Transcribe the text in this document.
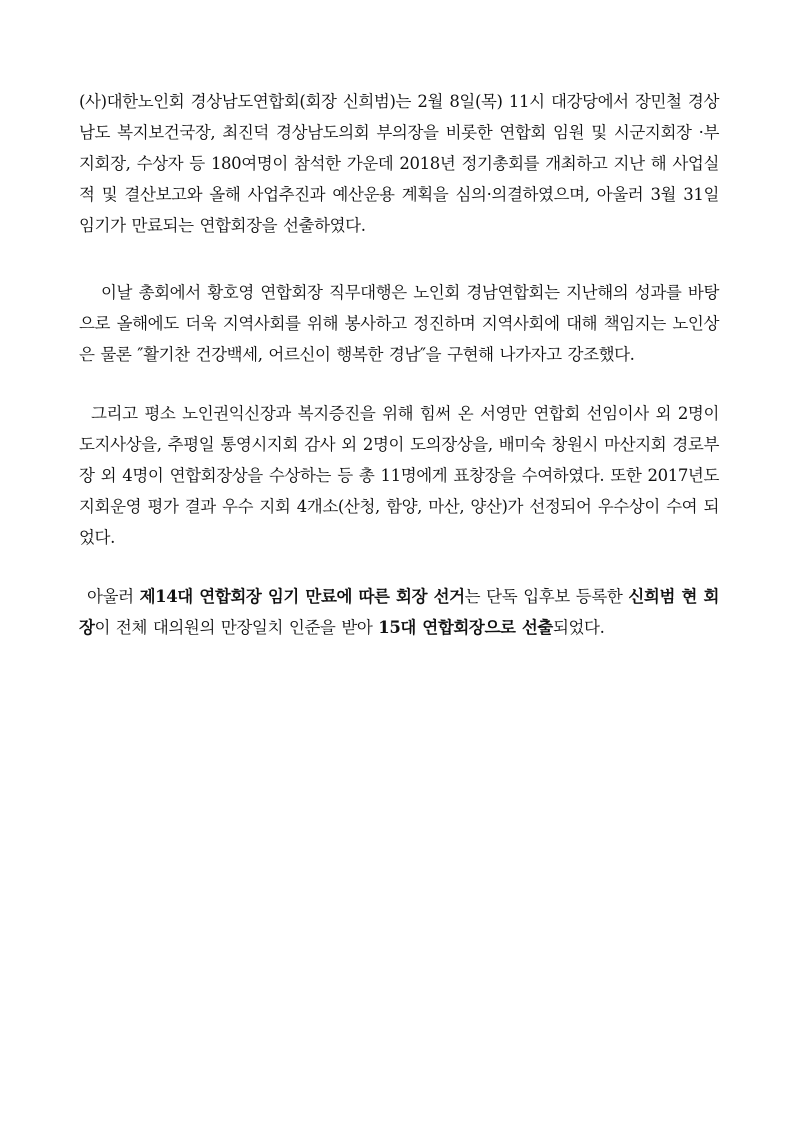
(사)대한노인회 경상남도연합회(회장 신희범)는 2월 8일(목) 11시 대강당에서 장민철 경상남도 복지보건국장, 최진덕 경상남도의회 부의장을 비롯한 연합회 임원 및 시군지회장 ·부지회장, 수상자 등 180여명이 참석한 가운데 2018년 정기총회를 개최하고 지난 해 사업실적 및 결산보고와 올해 사업추진과 예산운용 계획을 심의·의결하였으며, 아울러 3월 31일 임기가 만료되는 연합회장을 선출하였다.

이날 총회에서 황호영 연합회장 직무대행은 노인회 경남연합회는 지난해의 성과를 바탕으로 올해에도 더욱 지역사회를 위해 봉사하고 정진하며 지역사회에 대해 책임지는 노인상은 물론 ″활기찬 건강백세, 어르신이 행복한 경남″을 구현해 나가자고 강조했다.

그리고 평소 노인권익신장과 복지증진을 위해 힘써 온 서영만 연합회 선임이사 외 2명이 도지사상을, 추평일 통영시지회 감사 외 2명이 도의장상을, 배미숙 창원시 마산지회 경로부장 외 4명이 연합회장상을 수상하는 등 총 11명에게 표창장을 수여하였다. 또한 2017년도 지회운영 평가 결과 우수 지회 4개소(산청, 함양, 마산, 양산)가 선정되어 우수상이 수여 되었다.

아울러 제14대 연합회장 임기 만료에 따른 회장 선거는 단독 입후보 등록한 신희범 현 회장이 전체 대의원의 만장일치 인준을 받아 15대 연합회장으로 선출되었다.
